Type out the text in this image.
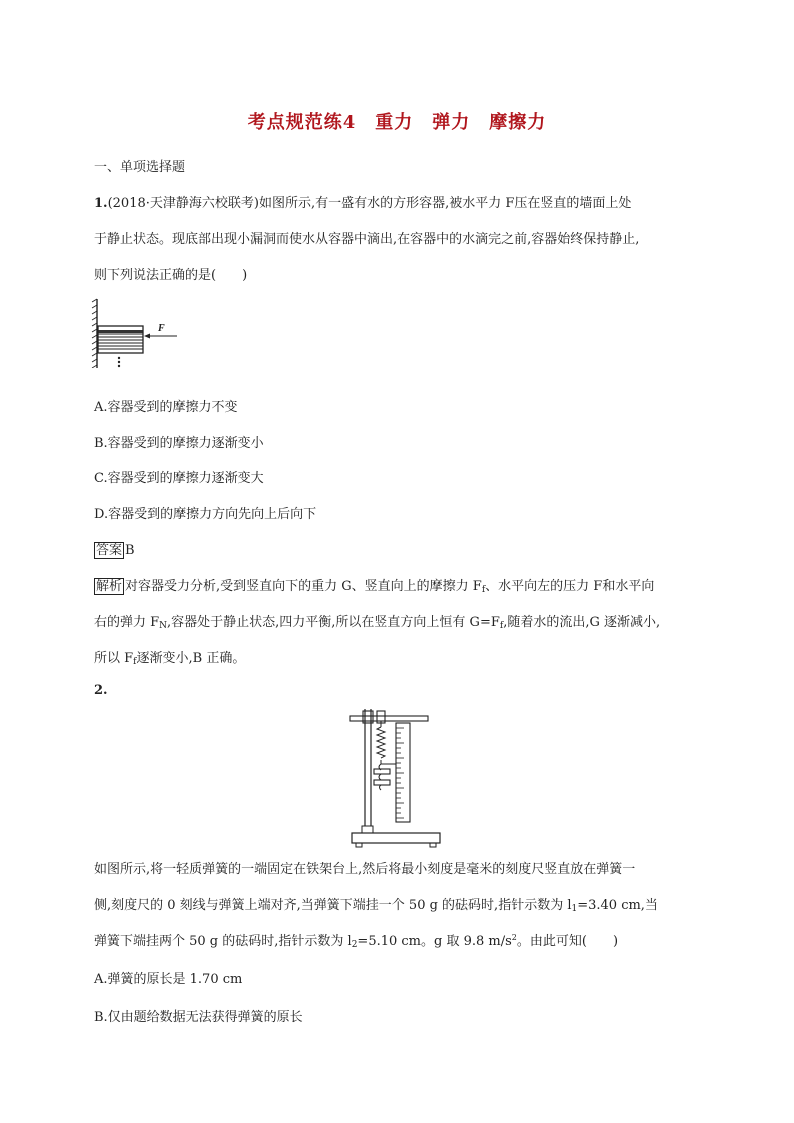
考点规范练4　重力　弹力　摩擦力
一、单项选择题
1.(2018·天津静海六校联考)如图所示,有一盛有水的方形容器,被水平力 F压在竖直的墙面上处
于静止状态。现底部出现小漏洞而使水从容器中滴出,在容器中的水滴完之前,容器始终保持静止,
则下列说法正确的是(　　)
F
A.容器受到的摩擦力不变
B.容器受到的摩擦力逐渐变小
C.容器受到的摩擦力逐渐变大
D.容器受到的摩擦力方向先向上后向下
答案 B
解析 对容器受力分析,受到竖直向下的重力 G、竖直向上的摩擦力 $F_f$、水平向左的压力 F和水平向
右的弹力 $F_N$,容器处于静止状态,四力平衡,所以在竖直方向上恒有 $G=F_f$,随着水的流出,G 逐渐减小,
所以 $F_f$逐渐变小,B 正确。
2.
如图所示,将一轻质弹簧的一端固定在铁架台上,然后将最小刻度是毫米的刻度尺竖直放在弹簧一
侧,刻度尺的 0 刻线与弹簧上端对齐,当弹簧下端挂一个 50 g 的砝码时,指针示数为 $l_1=3.40$ cm,当
弹簧下端挂两个 50 g 的砝码时,指针示数为 $l_2=5.10$ cm。g 取 9.8 $m/s^2$。由此可知(　　)
A.弹簧的原长是 1.70 cm
B.仅由题给数据无法获得弹簧的原长
